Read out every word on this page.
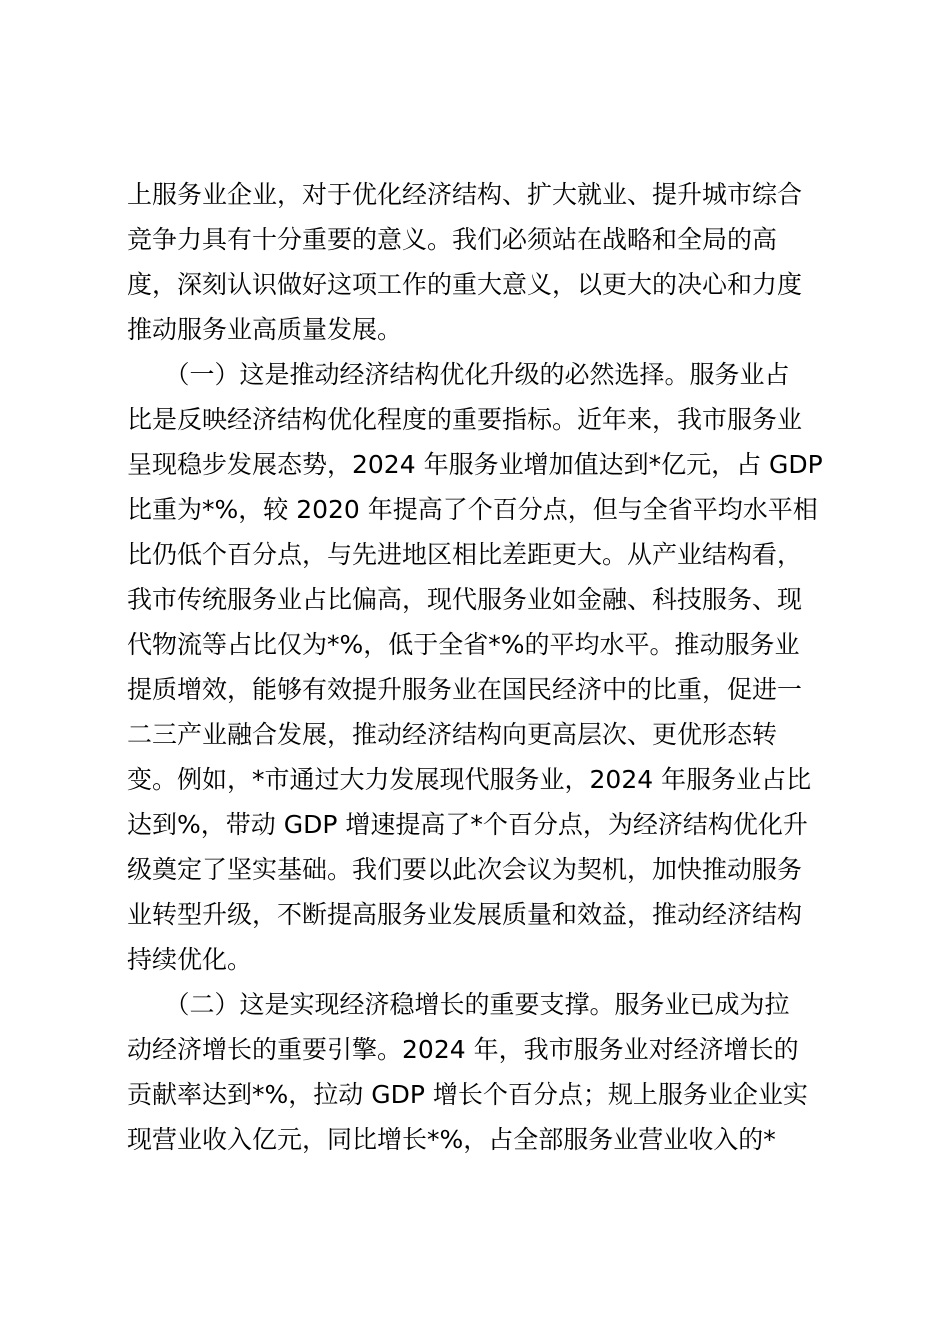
上服务业企业，对于优化经济结构、扩大就业、提升城市综合
竞争力具有十分重要的意义。我们必须站在战略和全局的高
度，深刻认识做好这项工作的重大意义，以更大的决心和力度
推动服务业高质量发展。
　　（一）这是推动经济结构优化升级的必然选择。服务业占
比是反映经济结构优化程度的重要指标。近年来，我市服务业
呈现稳步发展态势，2024 年服务业增加值达到*亿元，占 GDP
比重为*%，较 2020 年提高了个百分点，但与全省平均水平相
比仍低个百分点，与先进地区相比差距更大。从产业结构看，
我市传统服务业占比偏高，现代服务业如金融、科技服务、现
代物流等占比仅为*%，低于全省*%的平均水平。推动服务业
提质增效，能够有效提升服务业在国民经济中的比重，促进一
二三产业融合发展，推动经济结构向更高层次、更优形态转
变。例如，*市通过大力发展现代服务业，2024 年服务业占比
达到%，带动 GDP 增速提高了*个百分点，为经济结构优化升
级奠定了坚实基础。我们要以此次会议为契机，加快推动服务
业转型升级，不断提高服务业发展质量和效益，推动经济结构
持续优化。
　　（二）这是实现经济稳增长的重要支撑。服务业已成为拉
动经济增长的重要引擎。2024 年，我市服务业对经济增长的
贡献率达到*%，拉动 GDP 增长个百分点；规上服务业企业实
现营业收入亿元，同比增长*%，占全部服务业营业收入的*
